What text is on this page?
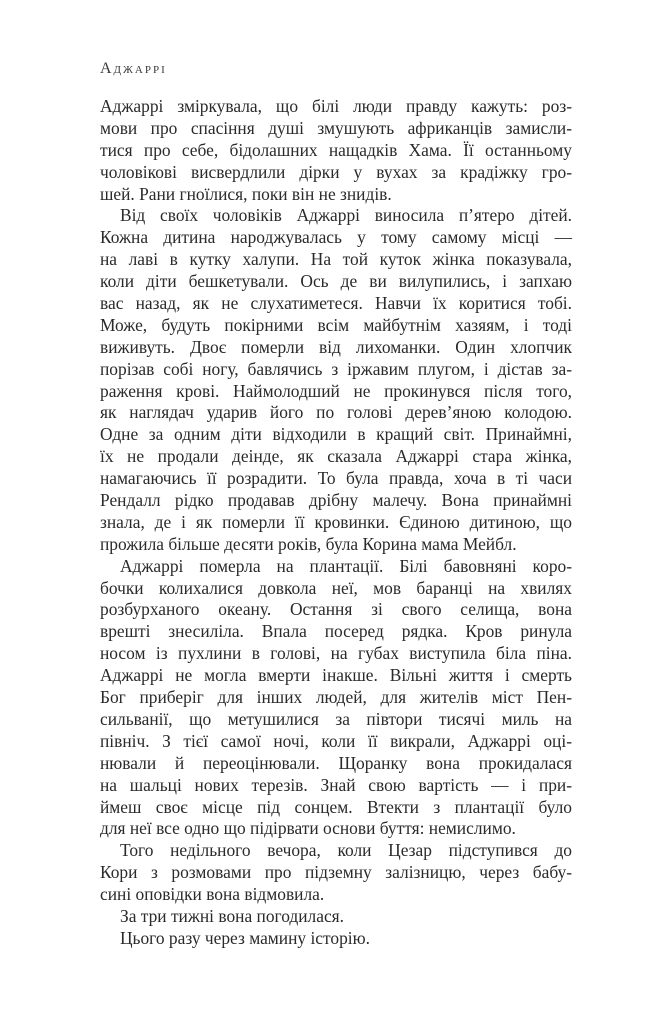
Аджаррі
Аджаррі зміркувала, що білі люди правду кажуть: роз-
мови про спасіння душі змушують африканців замисли-
тися про себе, бідолашних нащадків Хама. Її останньому
чоловікові висвердлили дірки у вухах за крадіжку гро-
шей. Рани гноїлися, поки він не знидів.
Від своїх чоловіків Аджаррі виносила п’ятеро дітей.
Кожна дитина народжувалась у тому самому місці —
на лаві в кутку халупи. На той куток жінка показувала,
коли діти бешкетували. Ось де ви вилупились, і запхаю
вас назад, як не слухатиметеся. Навчи їх коритися тобі.
Може, будуть покірними всім майбутнім хазяям, і тоді
виживуть. Двоє померли від лихоманки. Один хлопчик
порізав собі ногу, бавлячись з іржавим плугом, і дістав за-
раження крові. Наймолодший не прокинувся після того,
як наглядач ударив його по голові дерев’яною колодою.
Одне за одним діти відходили в кращий світ. Принаймні,
їх не продали деінде, як сказала Аджаррі стара жінка,
намагаючись її розрадити. То була правда, хоча в ті часи
Рендалл рідко продавав дрібну малечу. Вона принаймні
знала, де і як померли її кровинки. Єдиною дитиною, що
прожила більше десяти років, була Корина мама Мейбл.
Аджаррі померла на плантації. Білі бавовняні коро-
бочки колихалися довкола неї, мов баранці на хвилях
розбурханого океану. Остання зі свого селища, вона
врешті знесиліла. Впала посеред рядка. Кров ринула
носом із пухлини в голові, на губах виступила біла піна.
Аджаррі не могла вмерти інакше. Вільні життя і смерть
Бог приберіг для інших людей, для жителів міст Пен-
сильванії, що метушилися за півтори тисячі миль на
північ. З тієї самої ночі, коли її викрали, Аджаррі оці-
нювали й переоцінювали. Щоранку вона прокидалася
на шальці нових терезів. Знай свою вартість — і при-
ймеш своє місце під сонцем. Втекти з плантації було
для неї все одно що підірвати основи буття: немислимо.
Того недільного вечора, коли Цезар підступився до
Кори з розмовами про підземну залізницю, через бабу-
сині оповідки вона відмовила.
За три тижні вона погодилася.
Цього разу через мамину історію.
